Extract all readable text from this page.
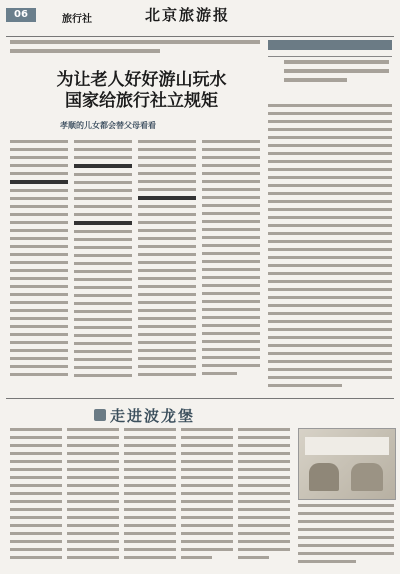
06	旅行社	北京旅游报
为让老人好好游山玩水
国家给旅行社立规矩
孝顺的儿女都会替父母看看
走进波龙堡
